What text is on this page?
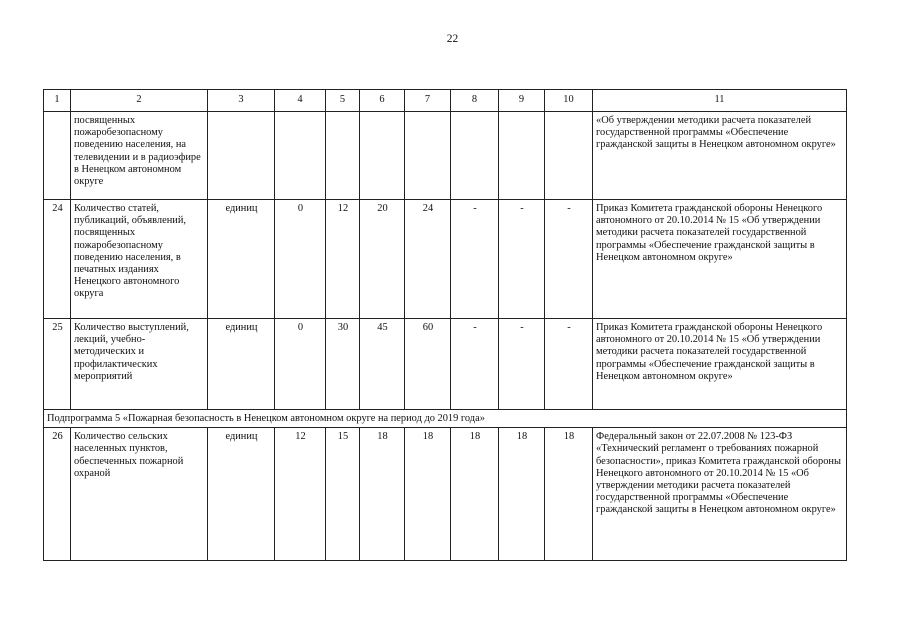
22
1	2	3	4	5	6	7	8	9	10	11
	посвященных пожаробезопасному поведению населения, на телевидении и в радиоэфире в Ненецком автономном округе									«Об утверждении методики расчета показателей государственной программы «Обеспечение гражданской защиты в Ненецком автономном округе»
24	Количество статей, публикаций, объявлений, посвященных пожаробезопасному поведению населения, в печатных изданиях Ненецкого автономного округа	единиц	0	12	20	24	-	-	-	Приказ Комитета гражданской обороны Ненецкого автономного от 20.10.2014 № 15 «Об утверждении методики расчета показателей государственной программы «Обеспечение гражданской защиты в Ненецком автономном округе»
25	Количество выступлений, лекций, учебно-методических и профилактических мероприятий	единиц	0	30	45	60	-	-	-	Приказ Комитета гражданской обороны Ненецкого автономного от 20.10.2014 № 15 «Об утверждении методики расчета показателей государственной программы «Обеспечение гражданской защиты в Ненецком автономном округе»
Подпрограмма 5 «Пожарная безопасность в Ненецком автономном округе на период до 2019 года»										
26	Количество сельских населенных пунктов, обеспеченных пожарной охраной	единиц	12	15	18	18	18	18	18	Федеральный закон от 22.07.2008 № 123-ФЗ «Технический регламент о требованиях пожарной безопасности», приказ Комитета гражданской обороны Ненецкого автономного от 20.10.2014 № 15 «Об утверждении методики расчета показателей государственной программы «Обеспечение гражданской защиты в Ненецком автономном округе»
